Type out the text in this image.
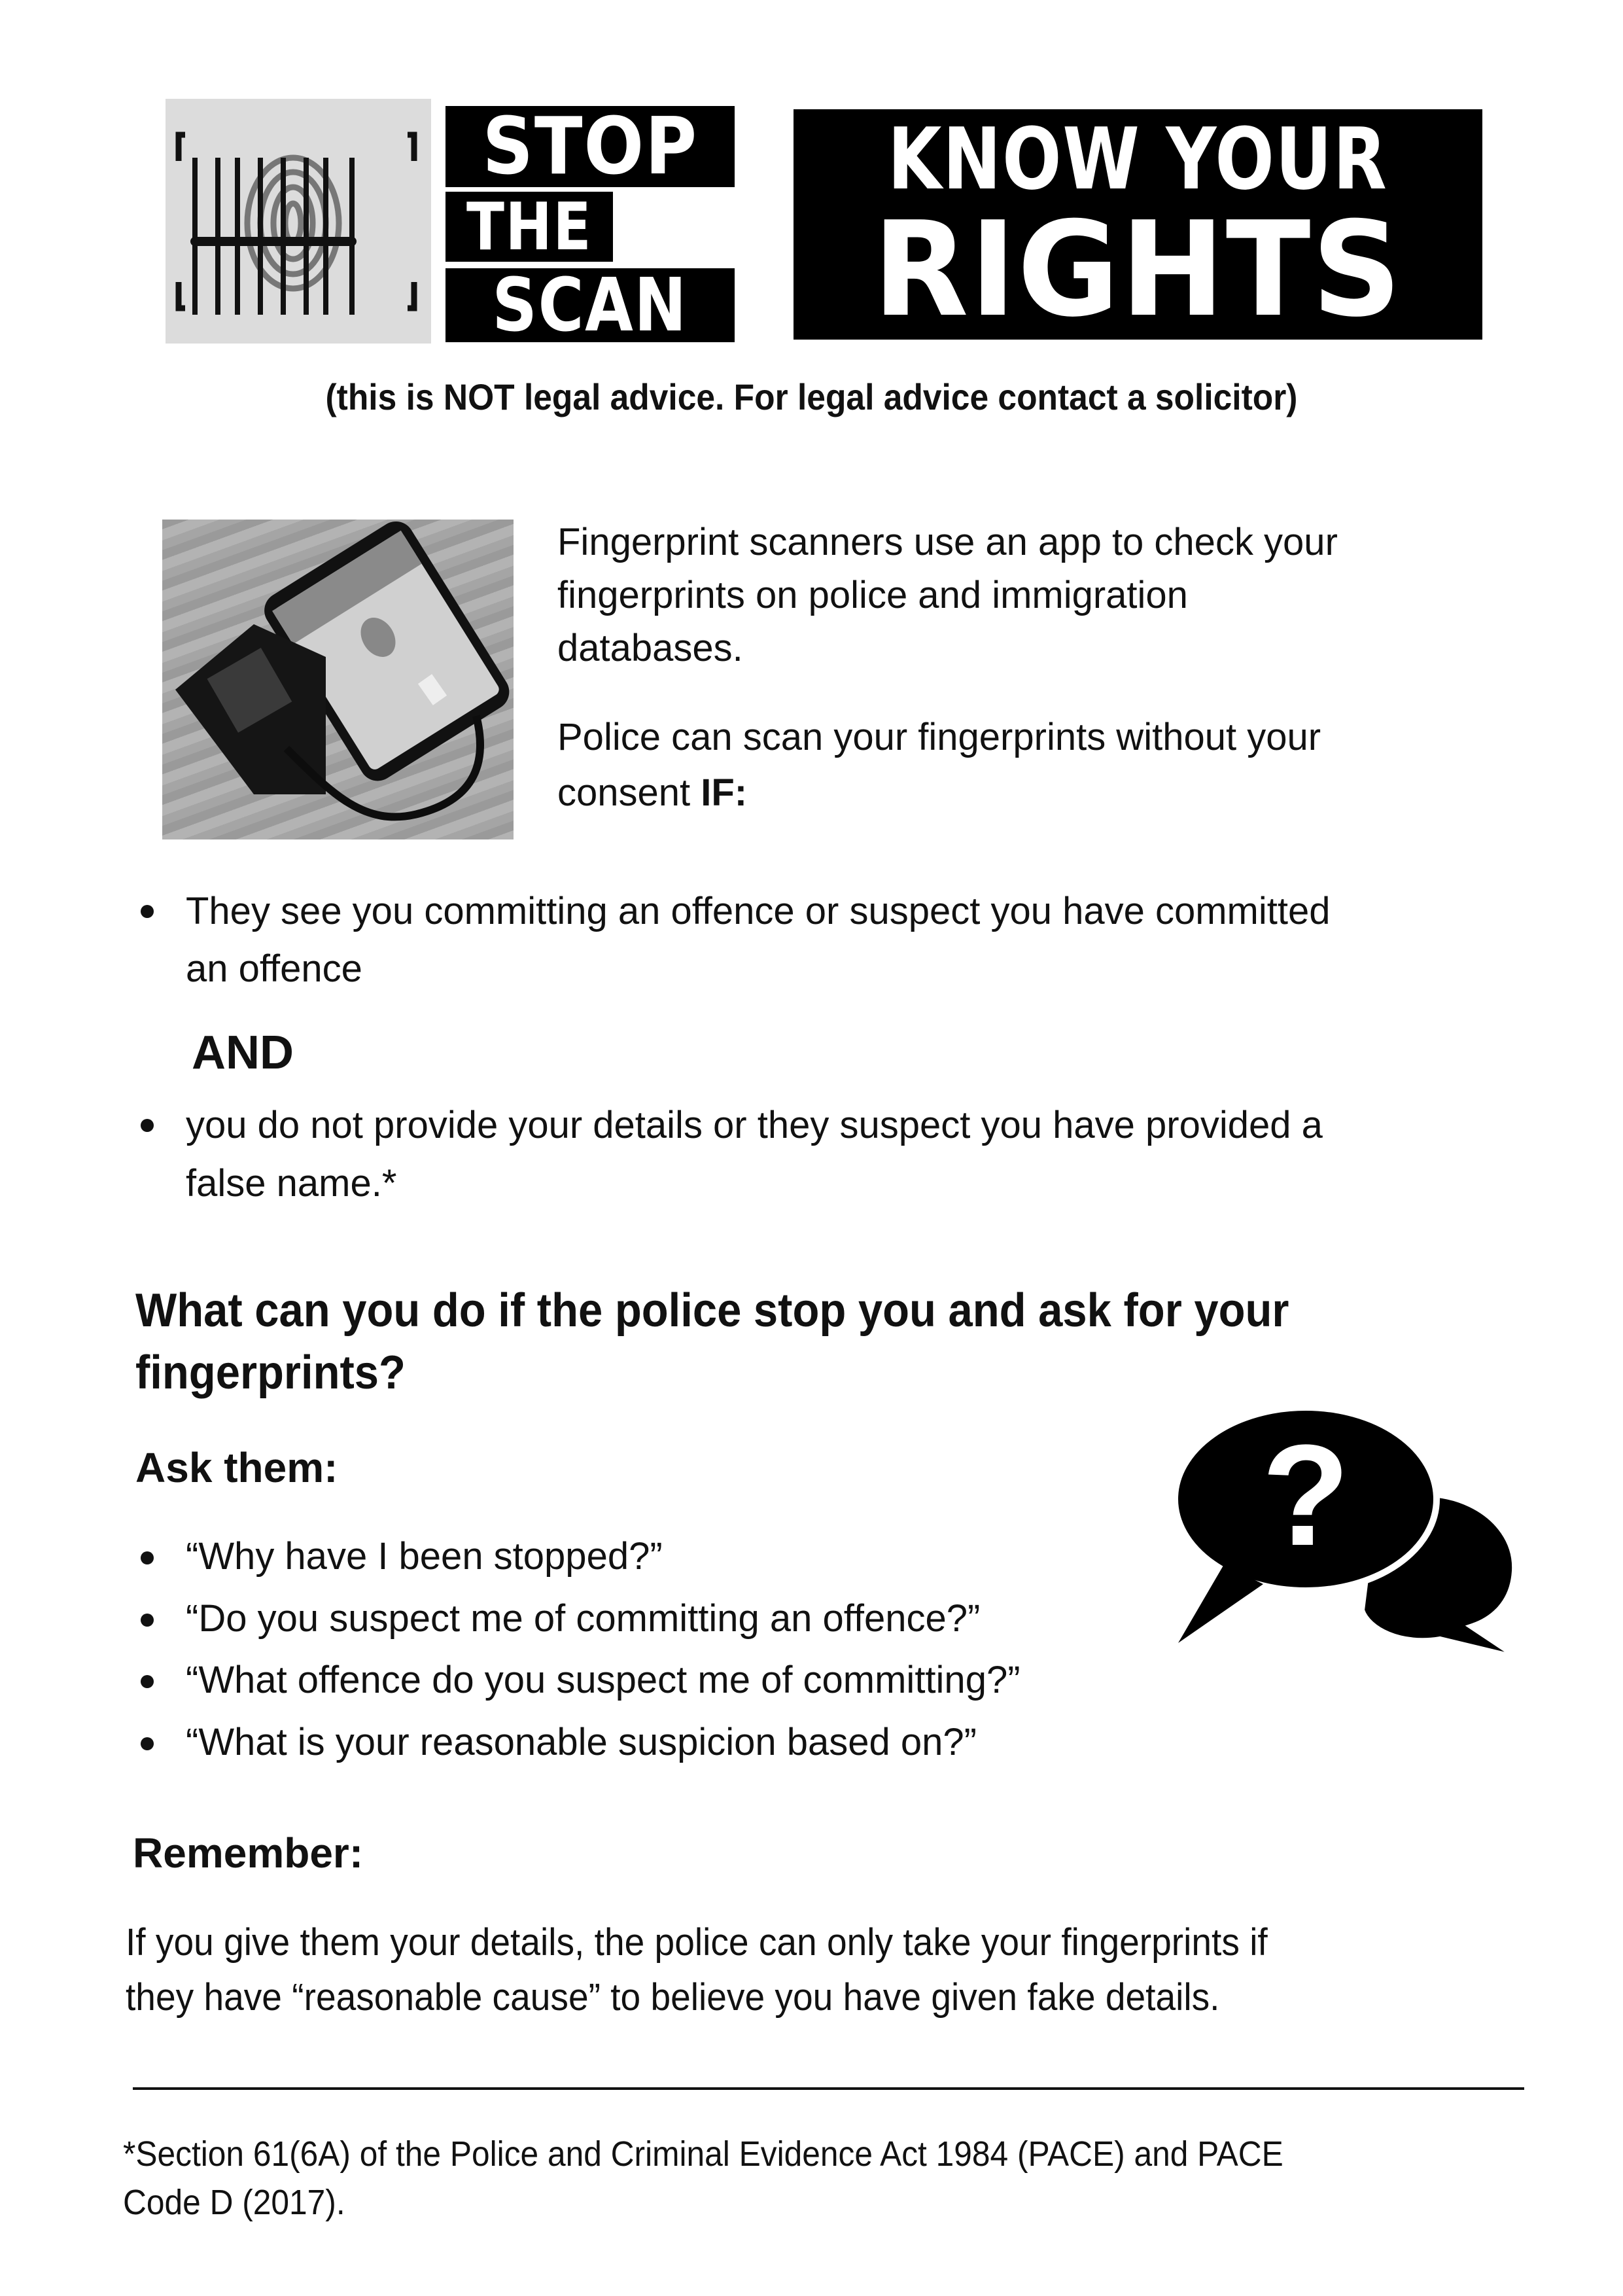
STOP
THE
SCAN
KNOW YOUR
RIGHTS
(this is NOT legal advice. For legal advice contact a solicitor)
Fingerprint scanners use an app to check your
fingerprints on police and immigration
databases.
Police can scan your fingerprints without your
consent IF:
They see you committing an offence or suspect you have committed
an offence
AND
you do not provide your details or they suspect you have provided a
false name.*
What can you do if the police stop you and ask for your
fingerprints?
Ask them:	?
“Why have I been stopped?”
“Do you suspect me of committing an offence?”
“What offence do you suspect me of committing?”
“What is your reasonable suspicion based on?”
Remember:
If you give them your details, the police can only take your fingerprints if
they have “reasonable cause” to believe you have given fake details.
*Section 61(6A) of the Police and Criminal Evidence Act 1984 (PACE) and PACE
Code D (2017).
